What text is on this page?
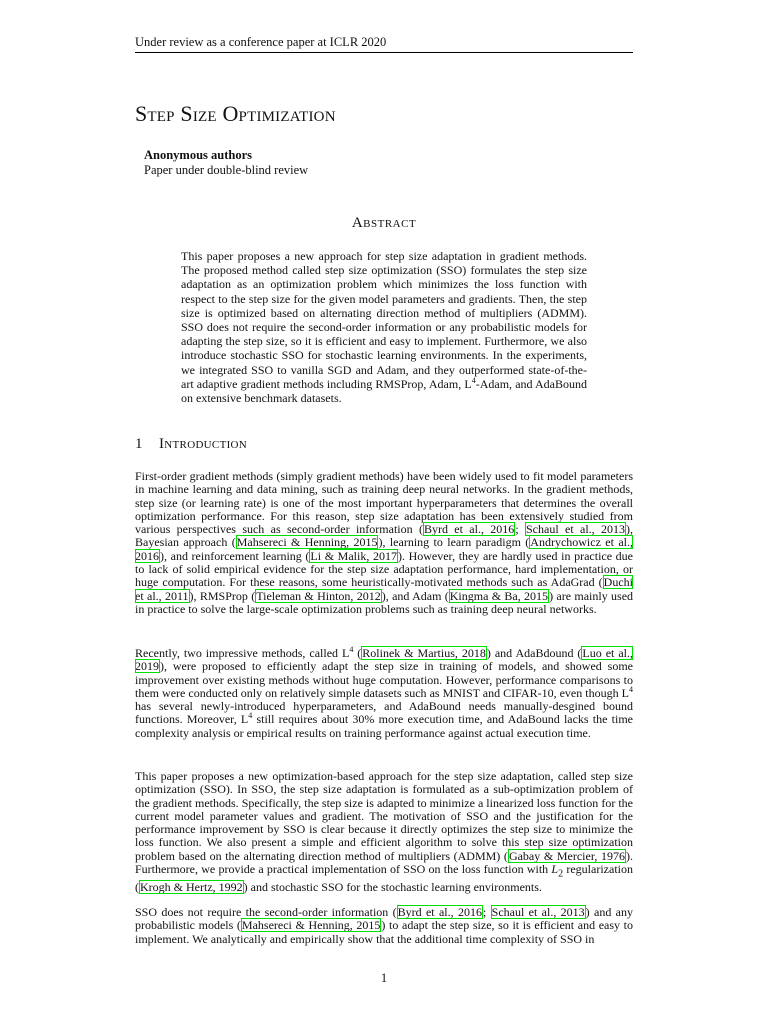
Under review as a conference paper at ICLR 2020
Step Size Optimization
Anonymous authors
Paper under double-blind review
Abstract

This paper proposes a new approach for step size adaptation in gradient methods. The proposed method called step size optimization (SSO) formulates the step size adaptation as an optimization problem which minimizes the loss function with respect to the step size for the given model parameters and gradients. Then, the step size is optimized based on alternating direction method of multipliers (ADMM). SSO does not require the second-order information or any probabilistic models for adapting the step size, so it is efficient and easy to implement. Furthermore, we also introduce stochastic SSO for stochastic learning environments. In the experiments, we integrated SSO to vanilla SGD and Adam, and they outperformed state-of-the-art adaptive gradient methods including RMSProp, Adam, $L^4$-Adam, and AdaBound on extensive benchmark datasets.

1 Introduction

First-order gradient methods (simply gradient methods) have been widely used to fit model parameters in machine learning and data mining, such as training deep neural networks. In the gradient methods, step size (or learning rate) is one of the most important hyperparameters that determines the overall optimization performance. For this reason, step size adaptation has been extensively studied from various perspectives such as second-order information (Byrd et al., 2016; Schaul et al., 2013), Bayesian approach (Mahsereci & Henning, 2015), learning to learn paradigm (Andrychowicz et al., 2016), and reinforcement learning (Li & Malik, 2017). However, they are hardly used in practice due to lack of solid empirical evidence for the step size adaptation performance, hard implementation, or huge computation. For these reasons, some heuristically-motivated methods such as AdaGrad (Duchi et al., 2011), RMSProp (Tieleman & Hinton, 2012), and Adam (Kingma & Ba, 2015) are mainly used in practice to solve the large-scale optimization problems such as training deep neural networks.

Recently, two impressive methods, called $L^4$ (Rolinek & Martius, 2018) and AdaBdound (Luo et al., 2019), were proposed to efficiently adapt the step size in training of models, and showed some improvement over existing methods without huge computation. However, performance comparisons to them were conducted only on relatively simple datasets such as MNIST and CIFAR-10, even though $L^4$ has several newly-introduced hyperparameters, and AdaBound needs manually-desgined bound functions. Moreover, $L^4$ still requires about 30% more execution time, and AdaBound lacks the time complexity analysis or empirical results on training performance against actual execution time.

This paper proposes a new optimization-based approach for the step size adaptation, called step size optimization (SSO). In SSO, the step size adaptation is formulated as a sub-optimization problem of the gradient methods. Specifically, the step size is adapted to minimize a linearized loss function for the current model parameter values and gradient. The motivation of SSO and the justification for the performance improvement by SSO is clear because it directly optimizes the step size to minimize the loss function. We also present a simple and efficient algorithm to solve this step size optimization problem based on the alternating direction method of multipliers (ADMM) (Gabay & Mercier, 1976). Furthermore, we provide a practical implementation of SSO on the loss function with $L_2$ regularization (Krogh & Hertz, 1992) and stochastic SSO for the stochastic learning environments.

SSO does not require the second-order information (Byrd et al., 2016; Schaul et al., 2013) and any probabilistic models (Mahsereci & Henning, 2015) to adapt the step size, so it is efficient and easy to implement. We analytically and empirically show that the additional time complexity of SSO in

1
